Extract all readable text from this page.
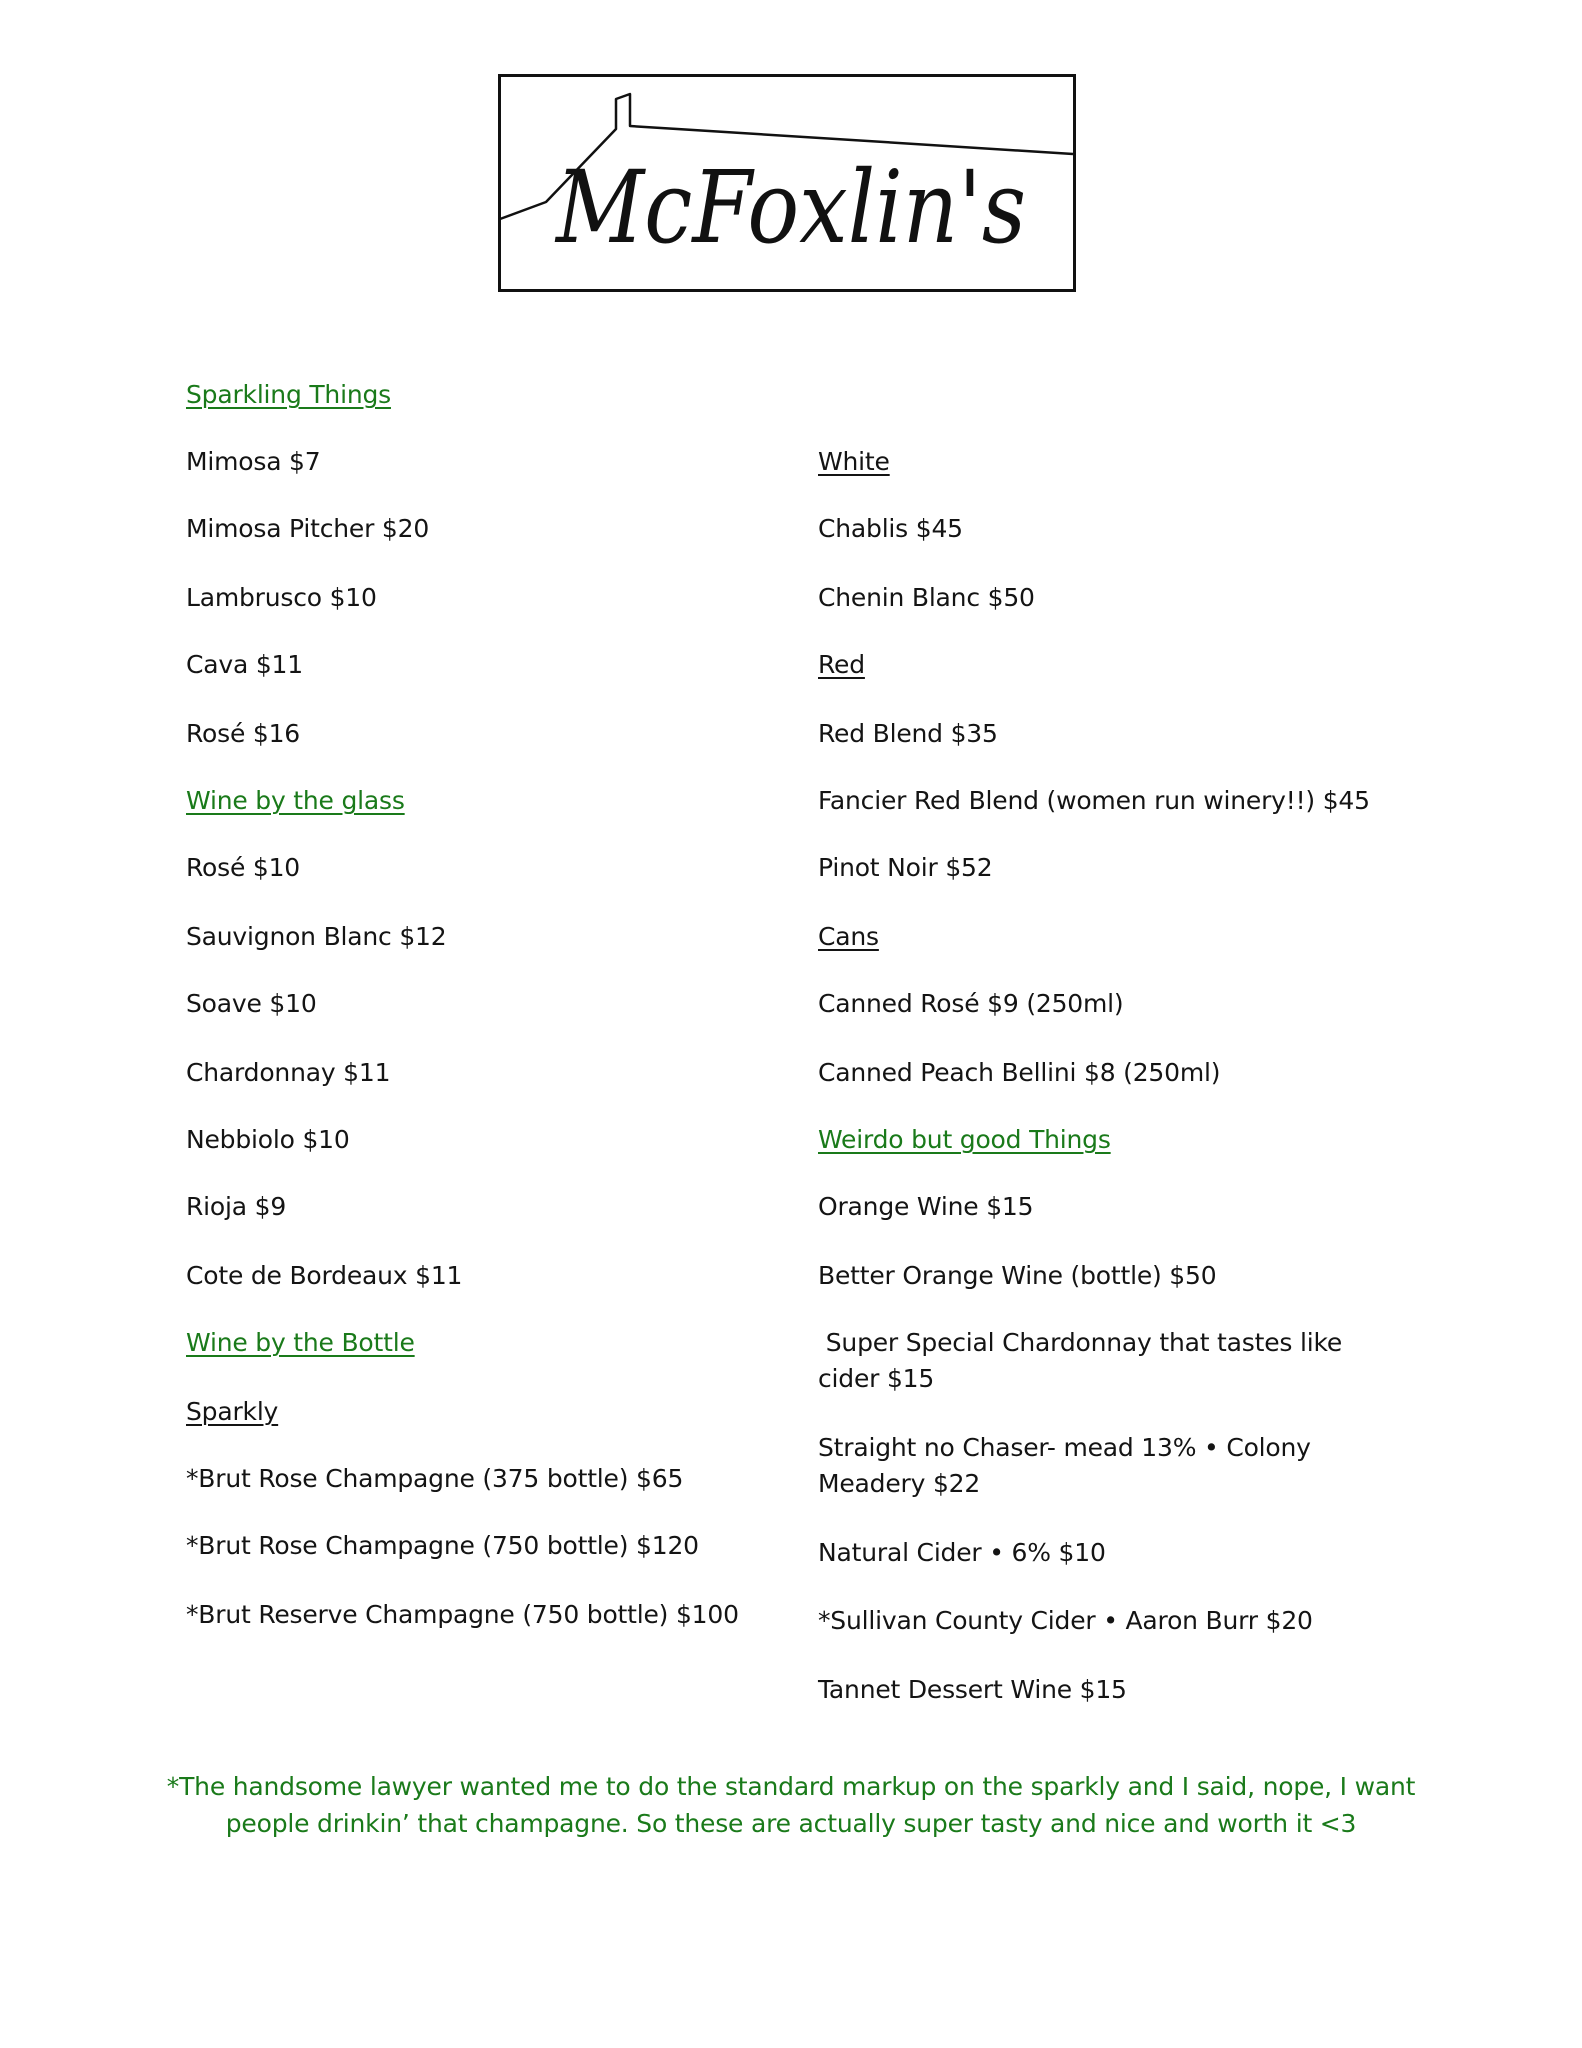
McFoxlin's
Sparkling Things
Mimosa $7
Mimosa Pitcher $20
Lambrusco $10
Cava $11
Rosé $16
Wine by the glass
Rosé $10
Sauvignon Blanc $12
Soave $10
Chardonnay $11
Nebbiolo $10
Rioja $9
Cote de Bordeaux $11
Wine by the Bottle
Sparkly
*Brut Rose Champagne (375 bottle) $65
*Brut Rose Champagne (750 bottle) $120
*Brut Reserve Champagne (750 bottle) $100
White
Chablis $45
Chenin Blanc $50
Red
Red Blend $35
Fancier Red Blend (women run winery!!) $45
Pinot Noir $52
Cans
Canned Rosé $9 (250ml)
Canned Peach Bellini $8 (250ml)
Weirdo but good Things
Orange Wine $15
Better Orange Wine (bottle) $50
Super Special Chardonnay that tastes like cider $15
Straight no Chaser- mead 13% • Colony Meadery $22
Natural Cider • 6% $10
*Sullivan County Cider • Aaron Burr $20
Tannet Dessert Wine $15
*The handsome lawyer wanted me to do the standard markup on the sparkly and I said, nope, I want people drinkin’ that champagne. So these are actually super tasty and nice and worth it <3
